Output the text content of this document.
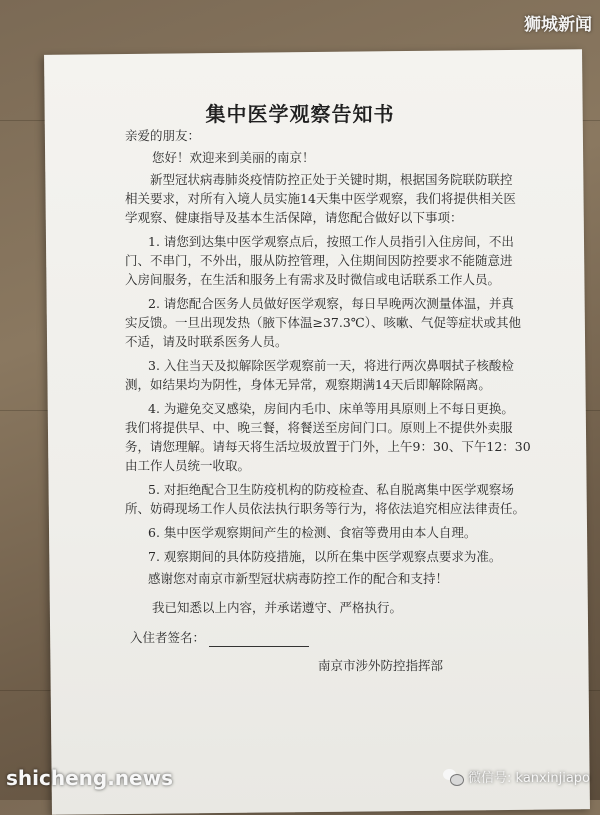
集中医学观察告知书
亲爱的朋友：
您好！欢迎来到美丽的南京！
新型冠状病毒肺炎疫情防控正处于关键时期，根据国务院联防联控
相关要求，对所有入境人员实施14天集中医学观察，我们将提供相关医
学观察、健康指导及基本生活保障，请您配合做好以下事项：
1. 请您到达集中医学观察点后，按照工作人员指引入住房间，不出
门、不串门，不外出，服从防控管理，入住期间因防控要求不能随意进
入房间服务，在生活和服务上有需求及时微信或电话联系工作人员。
2. 请您配合医务人员做好医学观察，每日早晚两次测量体温，并真
实反馈。一旦出现发热（腋下体温≥37.3℃）、咳嗽、气促等症状或其他
不适，请及时联系医务人员。
3. 入住当天及拟解除医学观察前一天，将进行两次鼻咽拭子核酸检
测，如结果均为阴性，身体无异常，观察期满14天后即解除隔离。
4. 为避免交叉感染，房间内毛巾、床单等用具原则上不每日更换。
我们将提供早、中、晚三餐，将餐送至房间门口。原则上不提供外卖服
务，请您理解。请每天将生活垃圾放置于门外，上午9：30、下午12：30
由工作人员统一收取。
5. 对拒绝配合卫生防疫机构的防疫检查、私自脱离集中医学观察场
所、妨碍现场工作人员依法执行职务等行为，将依法追究相应法律责任。
6. 集中医学观察期间产生的检测、食宿等费用由本人自理。
7. 观察期间的具体防疫措施，以所在集中医学观察点要求为准。
感谢您对南京市新型冠状病毒防控工作的配合和支持！
我已知悉以上内容，并承诺遵守、严格执行。
入住者签名：
南京市涉外防控指挥部
狮城新闻
shicheng.news	微信号: kanxinjiapo
